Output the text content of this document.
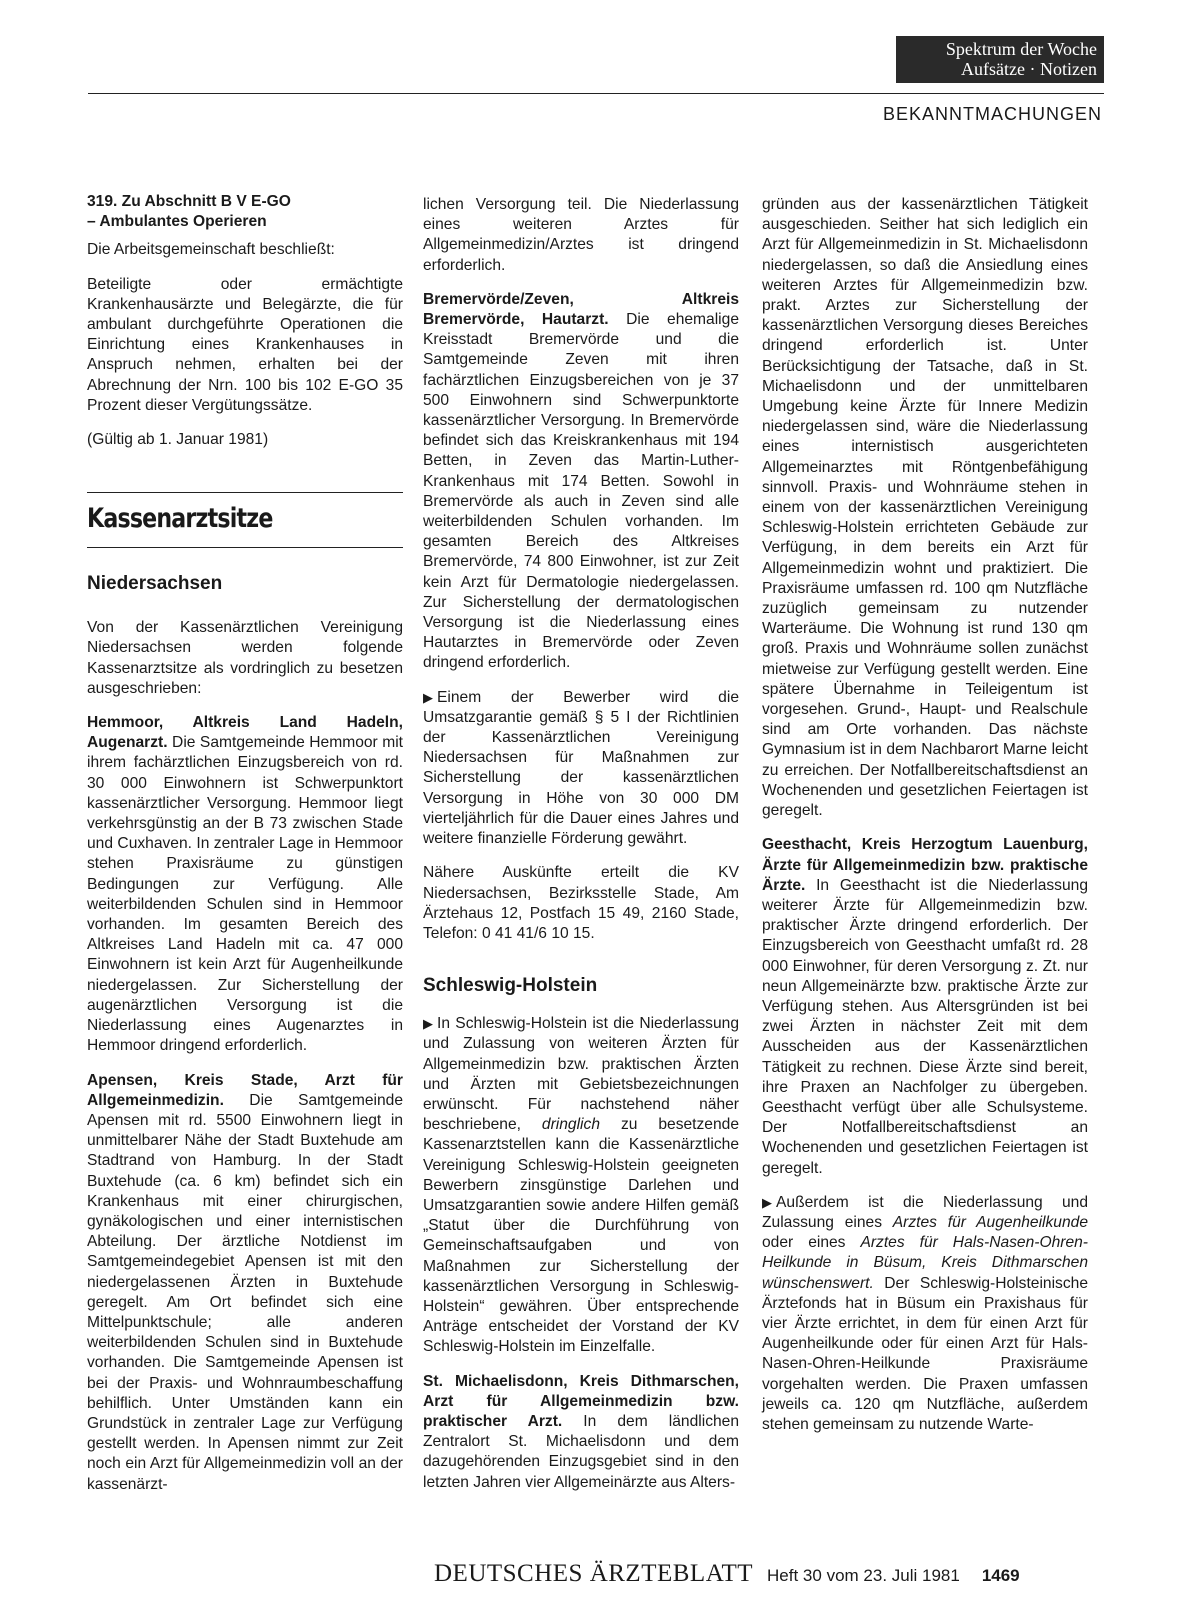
Spektrum der Woche
Aufsätze · Notizen
BEKANNTMACHUNGEN
319. Zu Abschnitt B V E-GO
– Ambulantes Operieren

Die Arbeitsgemeinschaft beschließt:

Beteiligte oder ermächtigte Krankenhausärzte und Belegärzte, die für ambulant durchgeführte Operationen die Einrichtung eines Krankenhauses in Anspruch nehmen, erhalten bei der Abrechnung der Nrn. 100 bis 102 E-GO 35 Prozent dieser Vergütungssätze.

(Gültig ab 1. Januar 1981)

Kassenarztsitze
Niedersachsen

Von der Kassenärztlichen Vereinigung Niedersachsen werden folgende Kassenarztsitze als vordringlich zu besetzen ausgeschrieben:

Hemmoor, Altkreis Land Hadeln, Augenarzt. Die Samtgemeinde Hemmoor mit ihrem fachärztlichen Einzugsbereich von rd. 30 000 Einwohnern ist Schwerpunktort kassenärztlicher Versorgung. Hemmoor liegt verkehrsgünstig an der B 73 zwischen Stade und Cuxhaven. In zentraler Lage in Hemmoor stehen Praxisräume zu günstigen Bedingungen zur Verfügung. Alle weiterbildenden Schulen sind in Hemmoor vorhanden. Im gesamten Bereich des Altkreises Land Hadeln mit ca. 47 000 Einwohnern ist kein Arzt für Augenheilkunde niedergelassen. Zur Sicherstellung der augenärztlichen Versorgung ist die Niederlassung eines Augenarztes in Hemmoor dringend erforderlich.

Apensen, Kreis Stade, Arzt für Allgemeinmedizin. Die Samtgemeinde Apensen mit rd. 5500 Einwohnern liegt in unmittelbarer Nähe der Stadt Buxtehude am Stadtrand von Hamburg. In der Stadt Buxtehude (ca. 6 km) befindet sich ein Krankenhaus mit einer chirurgischen, gynäkologischen und einer internistischen Abteilung. Der ärztliche Notdienst im Samtgemeindegebiet Apensen ist mit den niedergelassenen Ärzten in Buxtehude geregelt. Am Ort befindet sich eine Mittelpunktschule; alle anderen weiterbildenden Schulen sind in Buxtehude vorhanden. Die Samtgemeinde Apensen ist bei der Praxis- und Wohnraumbeschaffung behilflich. Unter Umständen kann ein Grundstück in zentraler Lage zur Verfügung gestellt werden. In Apensen nimmt zur Zeit noch ein Arzt für Allgemeinmedizin voll an der kassenärzt-

lichen Versorgung teil. Die Niederlassung eines weiteren Arztes für Allgemeinmedizin/Arztes ist dringend erforderlich.

Bremervörde/Zeven, Altkreis Bremervörde, Hautarzt. Die ehemalige Kreisstadt Bremervörde und die Samtgemeinde Zeven mit ihren fachärztlichen Einzugsbereichen von je 37 500 Einwohnern sind Schwerpunktorte kassenärztlicher Versorgung. In Bremervörde befindet sich das Kreiskrankenhaus mit 194 Betten, in Zeven das Martin-Luther-Krankenhaus mit 174 Betten. Sowohl in Bremervörde als auch in Zeven sind alle weiterbildenden Schulen vorhanden. Im gesamten Bereich des Altkreises Bremervörde, 74 800 Einwohner, ist zur Zeit kein Arzt für Dermatologie niedergelassen. Zur Sicherstellung der dermatologischen Versorgung ist die Niederlassung eines Hautarztes in Bremervörde oder Zeven dringend erforderlich.

▶ Einem der Bewerber wird die Umsatzgarantie gemäß § 5 I der Richtlinien der Kassenärztlichen Vereinigung Niedersachsen für Maßnahmen zur Sicherstellung der kassenärztlichen Versorgung in Höhe von 30 000 DM vierteljährlich für die Dauer eines Jahres und weitere finanzielle Förderung gewährt.

Nähere Auskünfte erteilt die KV Niedersachsen, Bezirksstelle Stade, Am Ärztehaus 12, Postfach 15 49, 2160 Stade, Telefon: 0 41 41/6 10 15.

Schleswig-Holstein

▶ In Schleswig-Holstein ist die Niederlassung und Zulassung von weiteren Ärzten für Allgemeinmedizin bzw. praktischen Ärzten und Ärzten mit Gebietsbezeichnungen erwünscht. Für nachstehend näher beschriebene, dringlich zu besetzende Kassenarztstellen kann die Kassenärztliche Vereinigung Schleswig-Holstein geeigneten Bewerbern zinsgünstige Darlehen und Umsatzgarantien sowie andere Hilfen gemäß „Statut über die Durchführung von Gemeinschaftsaufgaben und von Maßnahmen zur Sicherstellung der kassenärztlichen Versorgung in Schleswig-Holstein“ gewähren. Über entsprechende Anträge entscheidet der Vorstand der KV Schleswig-Holstein im Einzelfalle.

St. Michaelisdonn, Kreis Dithmarschen, Arzt für Allgemeinmedizin bzw. praktischer Arzt. In dem ländlichen Zentralort St. Michaelisdonn und dem dazugehörenden Einzugsgebiet sind in den letzten Jahren vier Allgemeinärzte aus Alters-

gründen aus der kassenärztlichen Tätigkeit ausgeschieden. Seither hat sich lediglich ein Arzt für Allgemeinmedizin in St. Michaelisdonn niedergelassen, so daß die Ansiedlung eines weiteren Arztes für Allgemeinmedizin bzw. prakt. Arztes zur Sicherstellung der kassenärztlichen Versorgung dieses Bereiches dringend erforderlich ist. Unter Berücksichtigung der Tatsache, daß in St. Michaelisdonn und der unmittelbaren Umgebung keine Ärzte für Innere Medizin niedergelassen sind, wäre die Niederlassung eines internistisch ausgerichteten Allgemeinarztes mit Röntgenbefähigung sinnvoll. Praxis- und Wohnräume stehen in einem von der kassenärztlichen Vereinigung Schleswig-Holstein errichteten Gebäude zur Verfügung, in dem bereits ein Arzt für Allgemeinmedizin wohnt und praktiziert. Die Praxisräume umfassen rd. 100 qm Nutzfläche zuzüglich gemeinsam zu nutzender Warteräume. Die Wohnung ist rund 130 qm groß. Praxis und Wohnräume sollen zunächst mietweise zur Verfügung gestellt werden. Eine spätere Übernahme in Teileigentum ist vorgesehen. Grund-, Haupt- und Realschule sind am Orte vorhanden. Das nächste Gymnasium ist in dem Nachbarort Marne leicht zu erreichen. Der Notfallbereitschaftsdienst an Wochenenden und gesetzlichen Feiertagen ist geregelt.

Geesthacht, Kreis Herzogtum Lauenburg, Ärzte für Allgemeinmedizin bzw. praktische Ärzte. In Geesthacht ist die Niederlassung weiterer Ärzte für Allgemeinmedizin bzw. praktischer Ärzte dringend erforderlich. Der Einzugsbereich von Geesthacht umfaßt rd. 28 000 Einwohner, für deren Versorgung z. Zt. nur neun Allgemeinärzte bzw. praktische Ärzte zur Verfügung stehen. Aus Altersgründen ist bei zwei Ärzten in nächster Zeit mit dem Ausscheiden aus der Kassenärztlichen Tätigkeit zu rechnen. Diese Ärzte sind bereit, ihre Praxen an Nachfolger zu übergeben. Geesthacht verfügt über alle Schulsysteme. Der Notfallbereitschaftsdienst an Wochenenden und gesetzlichen Feiertagen ist geregelt.

▶ Außerdem ist die Niederlassung und Zulassung eines Arztes für Augenheilkunde oder eines Arztes für Hals-Nasen-Ohren-Heilkunde in Büsum, Kreis Dithmarschen wünschenswert. Der Schleswig-Holsteinische Ärztefonds hat in Büsum ein Praxishaus für vier Ärzte errichtet, in dem für einen Arzt für Augenheilkunde oder für einen Arzt für Hals-Nasen-Ohren-Heilkunde Praxisräume vorgehalten werden. Die Praxen umfassen jeweils ca. 120 qm Nutzfläche, außerdem stehen gemeinsam zu nutzende Warte-

DEUTSCHES ÄRZTEBLATT Heft 30 vom 23. Juli 1981 1469
